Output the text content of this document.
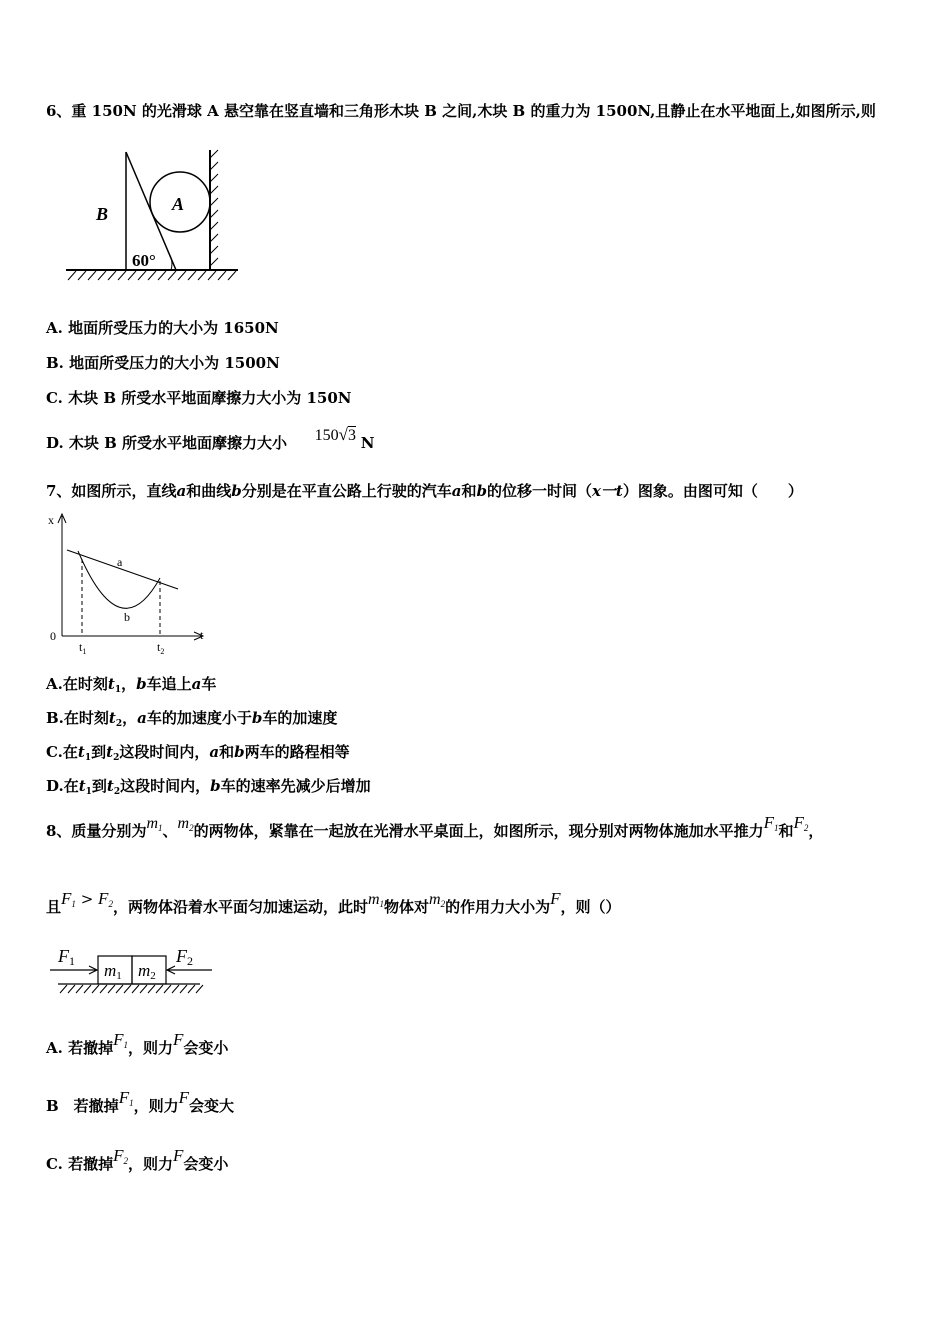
6、重 150N 的光滑球 A 悬空靠在竖直墙和三角形木块 B 之间,木块 B 的重力为 1500N,且静止在水平地面上,如图所示,则
B	A
60°
A. 地面所受压力的大小为 1650N
B. 地面所受压力的大小为 1500N
C. 木块 B 所受水平地面摩擦力大小为 150N
D. 木块 B 所受水平地面摩擦力大小 150√3 N
7、如图所示，直线a和曲线b分别是在平直公路上行驶的汽车a和b的位移一时间（x一t）图象。由图可知（　　）
x
t
0
a
b
$t_1$	$t_2$
A.在时刻$t_1$，b车追上a车
B.在时刻$t_2$，a车的加速度小于b车的加速度
C.在$t_1$到$t_2$这段时间内，a和b两车的路程相等
D.在$t_1$到$t_2$这段时间内，b车的速率先减少后增加
8、质量分别为$m_1$、$m_2$的两物体，紧靠在一起放在光滑水平桌面上，如图所示，现分别对两物体施加水平推力$F_1$和$F_2$，
且$F_1 > F_2$，两物体沿着水平面匀加速运动，此时$m_1$物体对$m_2$的作用力大小为F，则（）
F1	F2
m1 m2
A. 若撤掉$F_1$，则力F会变小
B　若撤掉$F_1$，则力F会变大
C. 若撤掉$F_2$，则力F会变小
